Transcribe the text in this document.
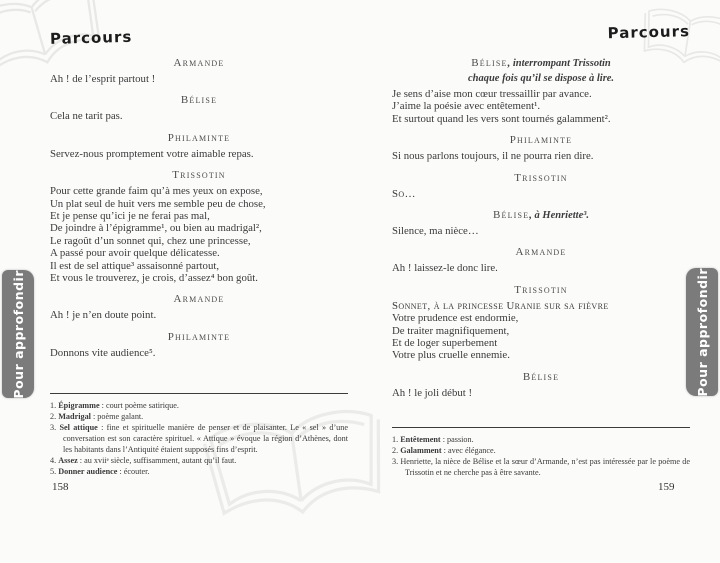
Parcours
Armande
Ah ! de l’esprit partout !
Bélise
Cela ne tarit pas.
Philaminte
Servez-nous promptement votre aimable repas.
Trissotin
Pour cette grande faim qu’à mes yeux on expose,
Un plat seul de huit vers me semble peu de chose,
Et je pense qu’ici je ne ferai pas mal,
De joindre à l’épigramme¹, ou bien au madrigal²,
Le ragoût d’un sonnet qui, chez une princesse,
A passé pour avoir quelque délicatesse.
Il est de sel attique³ assaisonné partout,
Et vous le trouverez, je crois, d’assez⁴ bon goût.
Armande
Ah ! je n’en doute point.
Philaminte
Donnons vite audience⁵.
Parcours
Bélise, interrompant Trissotin
chaque fois qu’il se dispose à lire.
Je sens d’aise mon cœur tressaillir par avance.
J’aime la poésie avec entêtement¹.
Et surtout quand les vers sont tournés galamment².
Philaminte
Si nous parlons toujours, il ne pourra rien dire.
Trissotin
So…
Bélise, à Henriette³.
Silence, ma nièce…
Armande
Ah ! laissez-le donc lire.
Trissotin
Sonnet, à la princesse Uranie sur sa fièvre
Votre prudence est endormie,
De traiter magnifiquement,
Et de loger superbement
Votre plus cruelle ennemie.
Bélise
Ah ! le joli début !
1. Épigramme : court poème satirique.
2. Madrigal : poème galant.
3. Sel attique : fine et spirituelle manière de penser et de plaisanter. Le « sel » d’une conversation est son caractère spirituel. « Attique » évoque la région d’Athènes, dont les habitants dans l’Antiquité étaient supposés fins d’esprit.
4. Assez : au xviiᵉ siècle, suffisamment, autant qu’il faut.
5. Donner audience : écouter.
1. Entêtement : passion.
2. Galamment : avec élégance.
3. Henriette, la nièce de Bélise et la sœur d’Armande, n’est pas intéressée par le poème de Trissotin et ne cherche pas à être savante.
158	159
Pour approfondir	Pour approfondir
